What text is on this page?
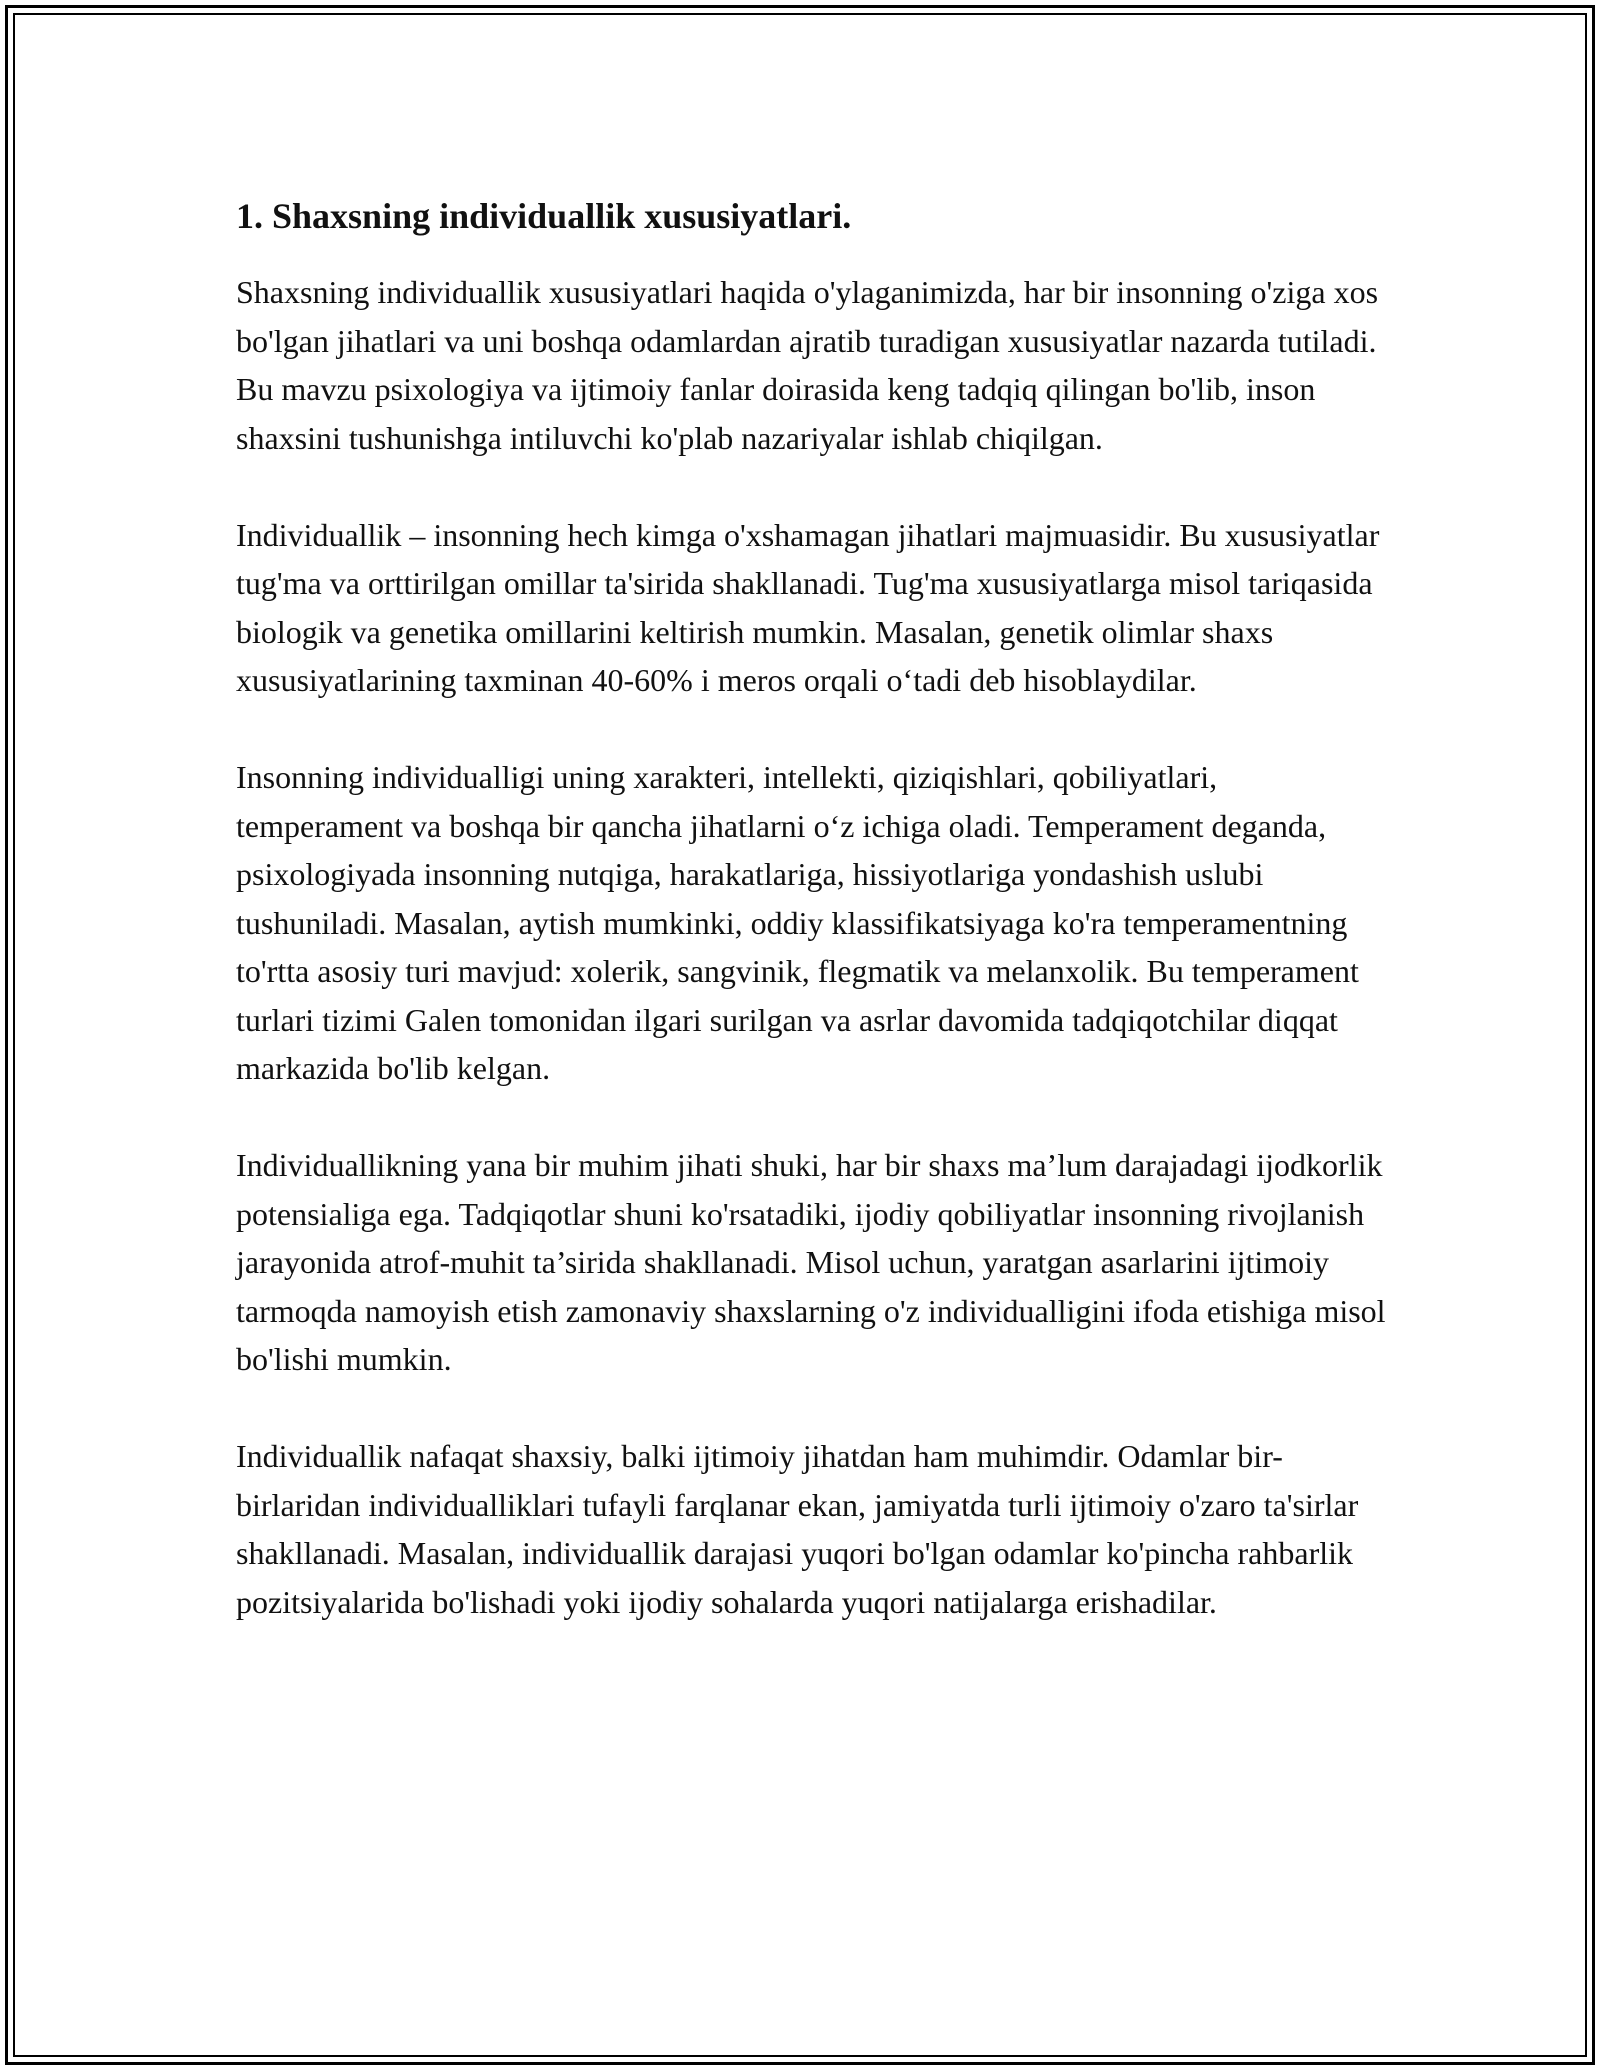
1. Shaxsning individuallik xususiyatlari.

Shaxsning individuallik xususiyatlari haqida o'ylaganimizda, har bir insonning o'ziga xos bo'lgan jihatlari va uni boshqa odamlardan ajratib turadigan xususiyatlar nazarda tutiladi. Bu mavzu psixologiya va ijtimoiy fanlar doirasida keng tadqiq qilingan bo'lib, inson shaxsini tushunishga intiluvchi ko'plab nazariyalar ishlab chiqilgan.

Individuallik – insonning hech kimga o'xshamagan jihatlari majmuasidir. Bu xususiyatlar tug'ma va orttirilgan omillar ta'sirida shakllanadi. Tug'ma xususiyatlarga misol tariqasida biologik va genetika omillarini keltirish mumkin. Masalan, genetik olimlar shaxs xususiyatlarining taxminan 40-60% i meros orqali o‘tadi deb hisoblaydilar.

Insonning individualligi uning xarakteri, intellekti, qiziqishlari, qobiliyatlari, temperament va boshqa bir qancha jihatlarni o‘z ichiga oladi. Temperament deganda, psixologiyada insonning nutqiga, harakatlariga, hissiyotlariga yondashish uslubi tushuniladi. Masalan, aytish mumkinki, oddiy klassifikatsiyaga ko'ra temperamentning to'rtta asosiy turi mavjud: xolerik, sangvinik, flegmatik va melanxolik. Bu temperament turlari tizimi Galen tomonidan ilgari surilgan va asrlar davomida tadqiqotchilar diqqat markazida bo'lib kelgan.

Individuallikning yana bir muhim jihati shuki, har bir shaxs ma’lum darajadagi ijodkorlik potensialiga ega. Tadqiqotlar shuni ko'rsatadiki, ijodiy qobiliyatlar insonning rivojlanish jarayonida atrof-muhit ta’sirida shakllanadi. Misol uchun, yaratgan asarlarini ijtimoiy tarmoqda namoyish etish zamonaviy shaxslarning o'z individualligini ifoda etishiga misol bo'lishi mumkin.

Individuallik nafaqat shaxsiy, balki ijtimoiy jihatdan ham muhimdir. Odamlar bir-birlaridan individualliklari tufayli farqlanar ekan, jamiyatda turli ijtimoiy o'zaro ta'sirlar shakllanadi. Masalan, individuallik darajasi yuqori bo'lgan odamlar ko'pincha rahbarlik pozitsiyalarida bo'lishadi yoki ijodiy sohalarda yuqori natijalarga erishadilar.
